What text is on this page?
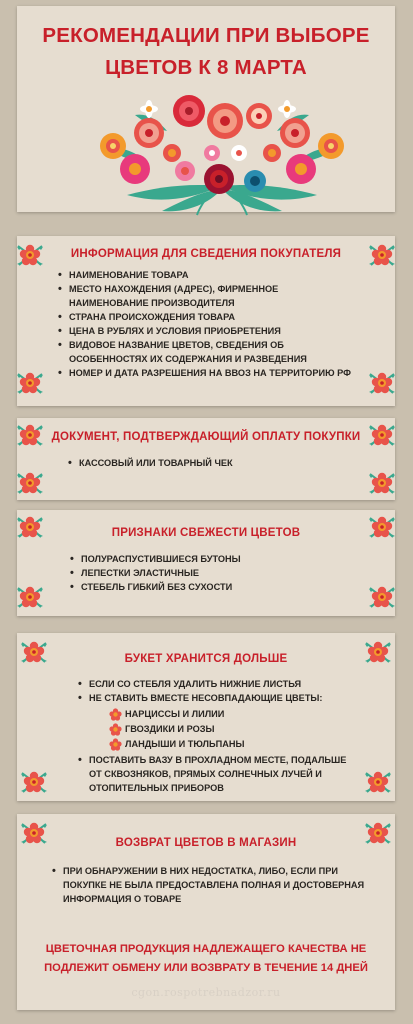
РЕКОМЕНДАЦИИ ПРИ ВЫБОРЕ
ЦВЕТОВ К 8 МАРТА
ИНФОРМАЦИЯ ДЛЯ СВЕДЕНИЯ ПОКУПАТЕЛЯ
• НАИМЕНОВАНИЕ ТОВАРА
• МЕСТО НАХОЖДЕНИЯ (АДРЕС), ФИРМЕННОЕ НАИМЕНОВАНИЕ ПРОИЗВОДИТЕЛЯ
• СТРАНА ПРОИСХОЖДЕНИЯ ТОВАРА
• ЦЕНА В РУБЛЯХ И УСЛОВИЯ ПРИОБРЕТЕНИЯ
• ВИДОВОЕ НАЗВАНИЕ ЦВЕТОВ, СВЕДЕНИЯ ОБ ОСОБЕННОСТЯХ ИХ СОДЕРЖАНИЯ И РАЗВЕДЕНИЯ
• НОМЕР И ДАТА РАЗРЕШЕНИЯ НА ВВОЗ НА ТЕРРИТОРИЮ РФ
ДОКУМЕНТ, ПОДТВЕРЖДАЮЩИЙ ОПЛАТУ ПОКУПКИ
• КАССОВЫЙ ИЛИ ТОВАРНЫЙ ЧЕК
ПРИЗНАКИ СВЕЖЕСТИ ЦВЕТОВ
• ПОЛУРАСПУСТИВШИЕСЯ БУТОНЫ
• ЛЕПЕСТКИ ЭЛАСТИЧНЫЕ
• СТЕБЕЛЬ ГИБКИЙ БЕЗ СУХОСТИ
БУКЕТ ХРАНИТСЯ ДОЛЬШЕ
• ЕСЛИ СО СТЕБЛЯ УДАЛИТЬ НИЖНИЕ ЛИСТЬЯ
• НЕ СТАВИТЬ ВМЕСТЕ НЕСОВПАДАЮЩИЕ ЦВЕТЫ:
НАРЦИССЫ И ЛИЛИИ
ГВОЗДИКИ И РОЗЫ
ЛАНДЫШИ И ТЮЛЬПАНЫ
• ПОСТАВИТЬ ВАЗУ В ПРОХЛАДНОМ МЕСТЕ, ПОДАЛЬШЕ ОТ СКВОЗНЯКОВ, ПРЯМЫХ СОЛНЕЧНЫХ ЛУЧЕЙ И ОТОПИТЕЛЬНЫХ ПРИБОРОВ
ВОЗВРАТ ЦВЕТОВ В МАГАЗИН
• ПРИ ОБНАРУЖЕНИИ В НИХ НЕДОСТАТКА, ЛИБО, ЕСЛИ ПРИ ПОКУПКЕ НЕ БЫЛА ПРЕДОСТАВЛЕНА ПОЛНАЯ И ДОСТОВЕРНАЯ ИНФОРМАЦИЯ О ТОВАРЕ
ЦВЕТОЧНАЯ ПРОДУКЦИЯ НАДЛЕЖАЩЕГО КАЧЕСТВА НЕ ПОДЛЕЖИТ ОБМЕНУ ИЛИ ВОЗВРАТУ В ТЕЧЕНИЕ 14 ДНЕЙ
cgon.rospotrebnadzor.ru
